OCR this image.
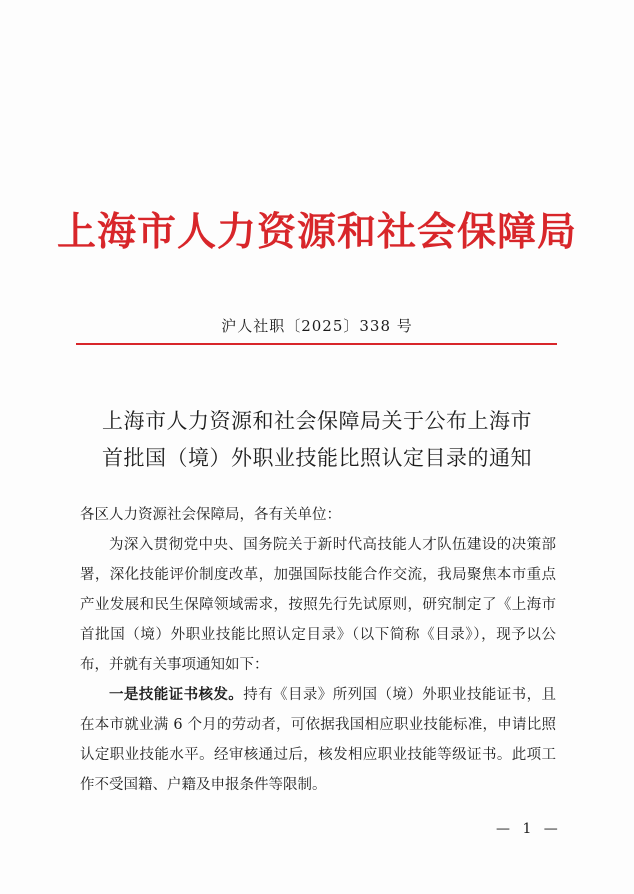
上海市人力资源和社会保障局
沪人社职〔2025〕338 号
上海市人力资源和社会保障局关于公布上海市
首批国（境）外职业技能比照认定目录的通知

各区人力资源社会保障局，各有关单位：

为深入贯彻党中央、国务院关于新时代高技能人才队伍建设的决策部署，深化技能评价制度改革，加强国际技能合作交流，我局聚焦本市重点产业发展和民生保障领域需求，按照先行先试原则，研究制定了《上海市首批国（境）外职业技能比照认定目录》（以下简称《目录》），现予以公布，并就有关事项通知如下：

一是技能证书核发。持有《目录》所列国（境）外职业技能证书，且在本市就业满 6 个月的劳动者，可依据我国相应职业技能标准，申请比照认定职业技能水平。经审核通过后，核发相应职业技能等级证书。此项工作不受国籍、户籍及申报条件等限制。

— 1 —
